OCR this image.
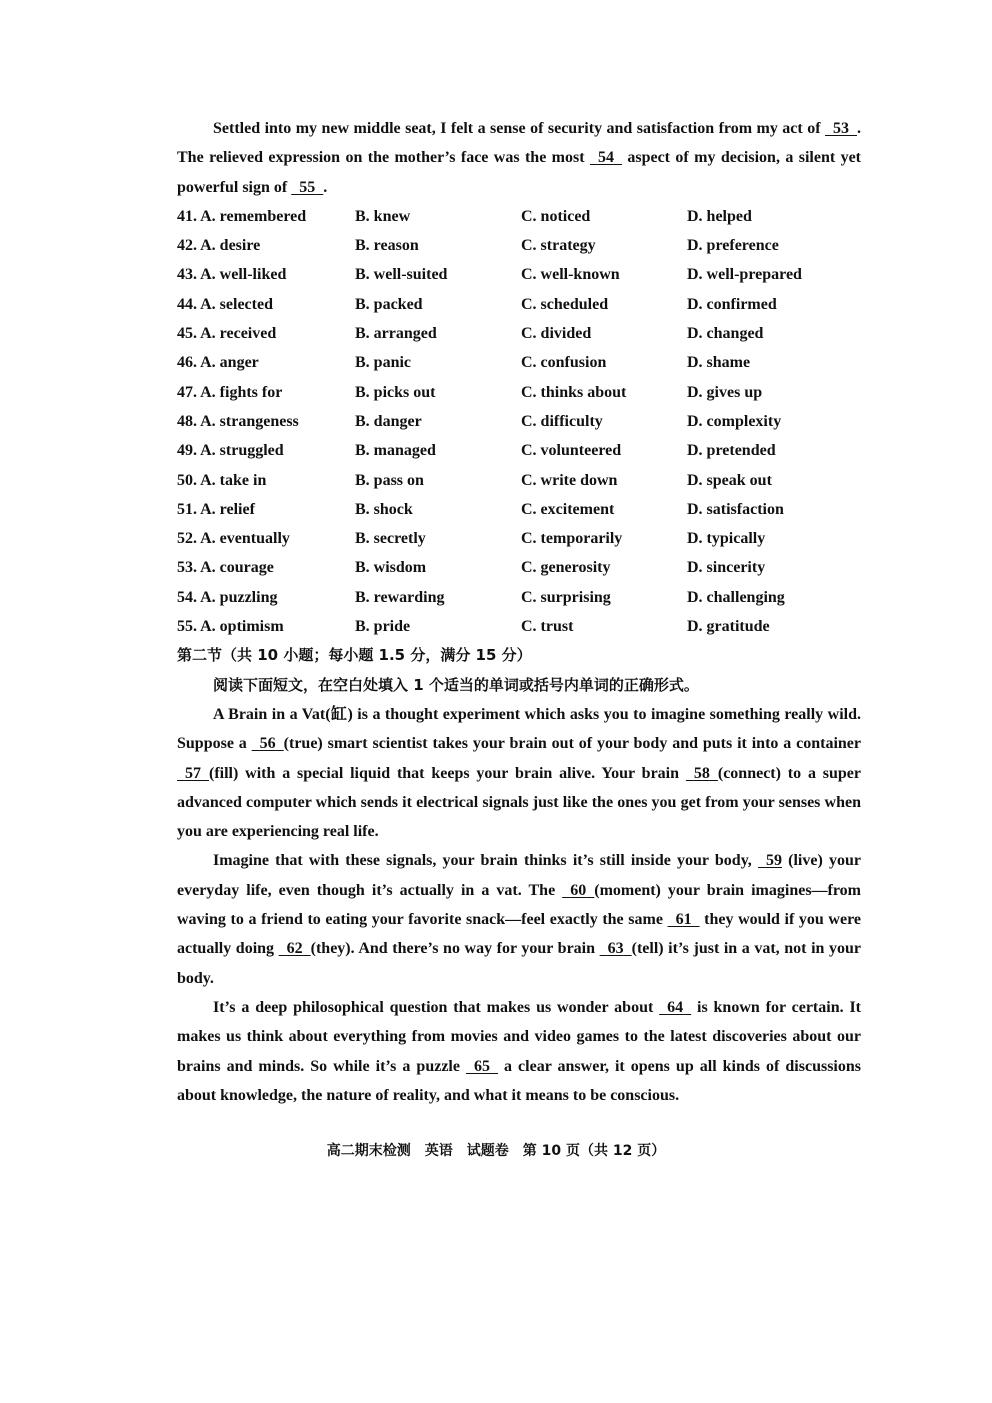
Settled into my new middle seat, I felt a sense of security and satisfaction from my act of   53 . The relieved expression on the mother’s face was the most   54   aspect of my decision, a silent yet powerful sign of   55 .

41. A. remembered	B. knew	C. noticed	D. helped
42. A. desire	B. reason	C. strategy	D. preference
43. A. well-liked	B. well-suited	C. well-known	D. well-prepared
44. A. selected	B. packed	C. scheduled	D. confirmed
45. A. received	B. arranged	C. divided	D. changed
46. A. anger	B. panic	C. confusion	D. shame
47. A. fights for	B. picks out	C. thinks about	D. gives up
48. A. strangeness	B. danger	C. difficulty	D. complexity
49. A. struggled	B. managed	C. volunteered	D. pretended
50. A. take in	B. pass on	C. write down	D. speak out
51. A. relief	B. shock	C. excitement	D. satisfaction
52. A. eventually	B. secretly	C. temporarily	D. typically
53. A. courage	B. wisdom	C. generosity	D. sincerity
54. A. puzzling	B. rewarding	C. surprising	D. challenging
55. A. optimism	B. pride	C. trust	D. gratitude

第二节（共 10 小题；每小题 1.5 分，满分 15 分）

阅读下面短文，在空白处填入 1 个适当的单词或括号内单词的正确形式。

A Brain in a Vat(缸) is a thought experiment which asks you to imagine something really wild. Suppose a   56 (true) smart scientist takes your brain out of your body and puts it into a container   57 (fill) with a special liquid that keeps your brain alive. Your brain   58 (connect) to a super advanced computer which sends it electrical signals just like the ones you get from your senses when you are experiencing real life.

Imagine that with these signals, your brain thinks it’s still inside your body,   59 (live) your everyday life, even though it’s actually in a vat. The   60 (moment) your brain imagines—from waving to a friend to eating your favorite snack—feel exactly the same   61   they would if you were actually doing   62 (they). And there’s no way for your brain   63 (tell) it’s just in a vat, not in your body.

It’s a deep philosophical question that makes us wonder about   64   is known for certain. It makes us think about everything from movies and video games to the latest discoveries about our brains and minds. So while it’s a puzzle   65   a clear answer, it opens up all kinds of discussions about knowledge, the nature of reality, and what it means to be conscious.

高二期末检测　英语　试题卷　第 10 页（共 12 页）
